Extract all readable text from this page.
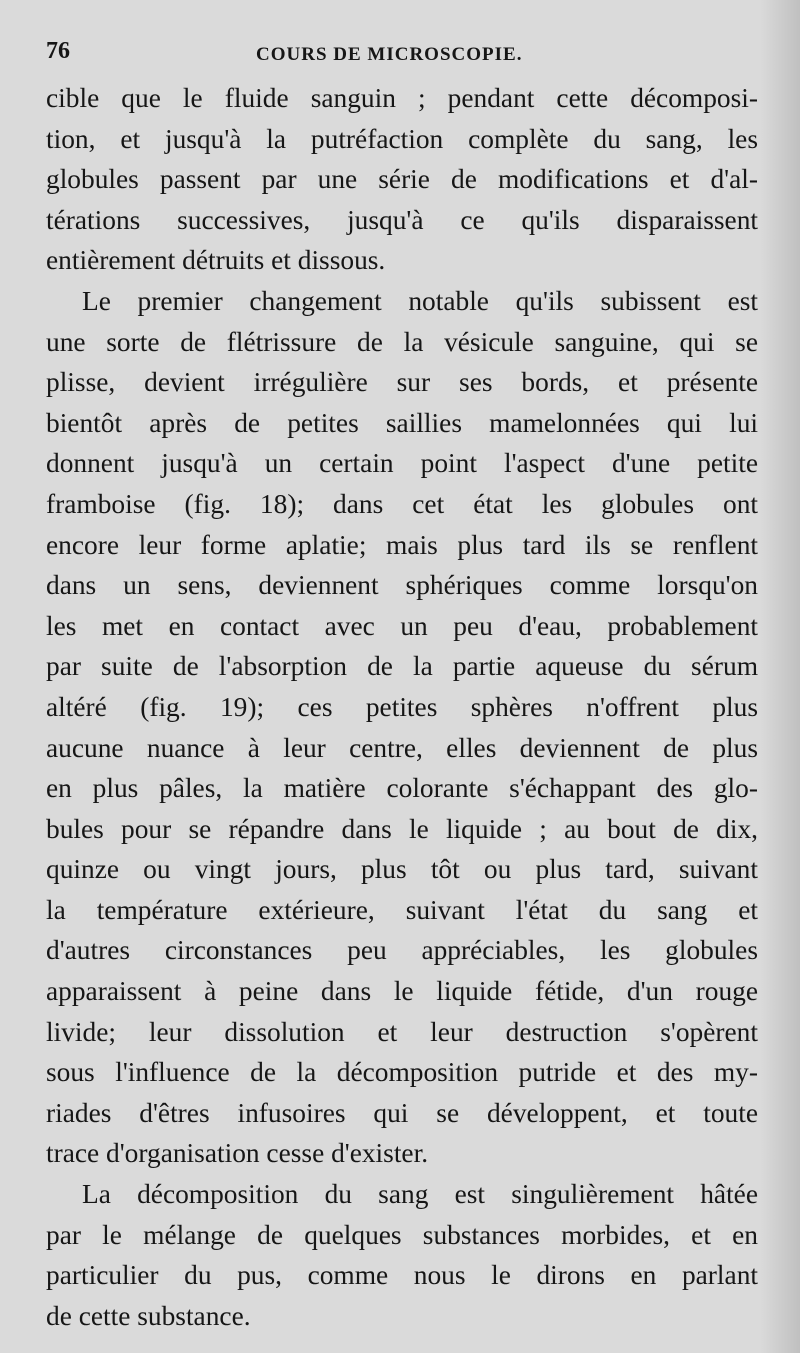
76	COURS DE MICROSCOPIE.
cible que le fluide sanguin ; pendant cette décomposi-
tion, et jusqu'à la putréfaction complète du sang, les
globules passent par une série de modifications et d'al-
térations successives, jusqu'à ce qu'ils disparaissent
entièrement détruits et dissous.
Le premier changement notable qu'ils subissent est
une sorte de flétrissure de la vésicule sanguine, qui se
plisse, devient irrégulière sur ses bords, et présente
bientôt après de petites saillies mamelonnées qui lui
donnent jusqu'à un certain point l'aspect d'une petite
framboise (fig. 18); dans cet état les globules ont
encore leur forme aplatie; mais plus tard ils se renflent
dans un sens, deviennent sphériques comme lorsqu'on
les met en contact avec un peu d'eau, probablement
par suite de l'absorption de la partie aqueuse du sérum
altéré (fig. 19); ces petites sphères n'offrent plus
aucune nuance à leur centre, elles deviennent de plus
en plus pâles, la matière colorante s'échappant des glo-
bules pour se répandre dans le liquide ; au bout de dix,
quinze ou vingt jours, plus tôt ou plus tard, suivant
la température extérieure, suivant l'état du sang et
d'autres circonstances peu appréciables, les globules
apparaissent à peine dans le liquide fétide, d'un rouge
livide; leur dissolution et leur destruction s'opèrent
sous l'influence de la décomposition putride et des my-
riades d'êtres infusoires qui se développent, et toute
trace d'organisation cesse d'exister.
La décomposition du sang est singulièrement hâtée
par le mélange de quelques substances morbides, et en
particulier du pus, comme nous le dirons en parlant
de cette substance.
